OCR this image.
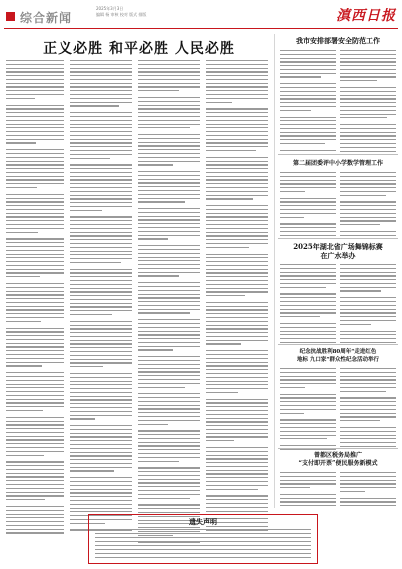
综合新闻
2025年3月3日
编辑 杨 审核 校对 版式 排版	滇西日报
正义必胜 和平必胜 人民必胜
我市安排部署安全防范工作
第二届团委评中小学数学管理工作
2025年湖北省广场舞锦标赛
在广水举办
纪念抗战胜利80周年“走进红色
地标 九口家”群众性纪念活动举行
曾都区税务局推广
“支付即开票”便民服务新模式
遗失声明
